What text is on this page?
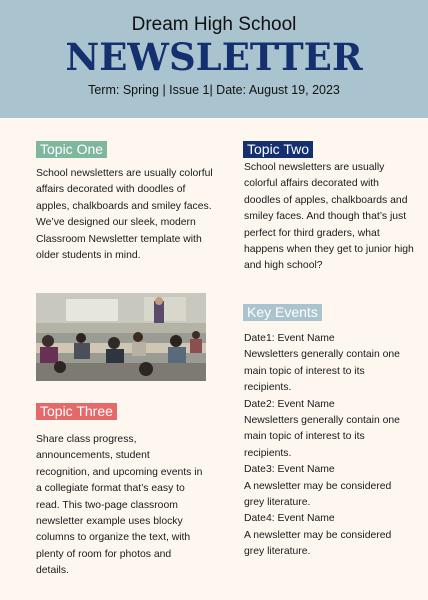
Dream High School
NEWSLETTER
Term: Spring | Issue 1| Date: August 19, 2023
Topic One
School newsletters are usually colorful affairs decorated with doodles of apples, chalkboards and smiley faces. We’ve designed our sleek, modern Classroom Newsletter template with older students in mind.
Topic Three
Share class progress, announcements, student recognition, and upcoming events in a collegiate format that’s easy to read. This two-page classroom newsletter example uses blocky columns to organize the text, with plenty of room for photos and details.
Topic Two
School newsletters are usually colorful affairs decorated with doodles of apples, chalkboards and smiley faces. And though that’s just perfect for third graders, what happens when they get to junior high and high school?
Key Events

Date1: Event Name

Newsletters generally contain one main topic of interest to its recipients.

Date2: Event Name

Newsletters generally contain one main topic of interest to its recipients.

Date3: Event Name

A newsletter may be considered grey literature.

Date4: Event Name

A newsletter may be considered grey literature.
